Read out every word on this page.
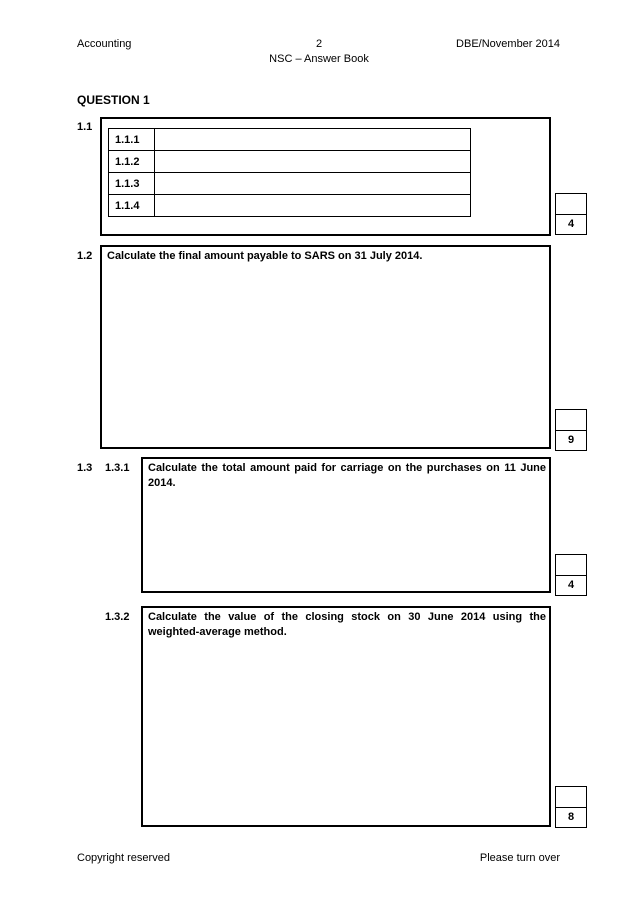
Accounting	2	DBE/November 2014
NSC – Answer Book
QUESTION 1
1.1
1.1.1	
1.1.2	
1.1.3	
1.1.4	
4
1.2 Calculate the final amount payable to SARS on 31 July 2014.
9
1.3 1.3.1 Calculate the total amount paid for carriage on the purchases on 11 June 2014.
4
1.3.2 Calculate the value of the closing stock on 30 June 2014 using the weighted-average method.
8
Copyright reserved	Please turn over
